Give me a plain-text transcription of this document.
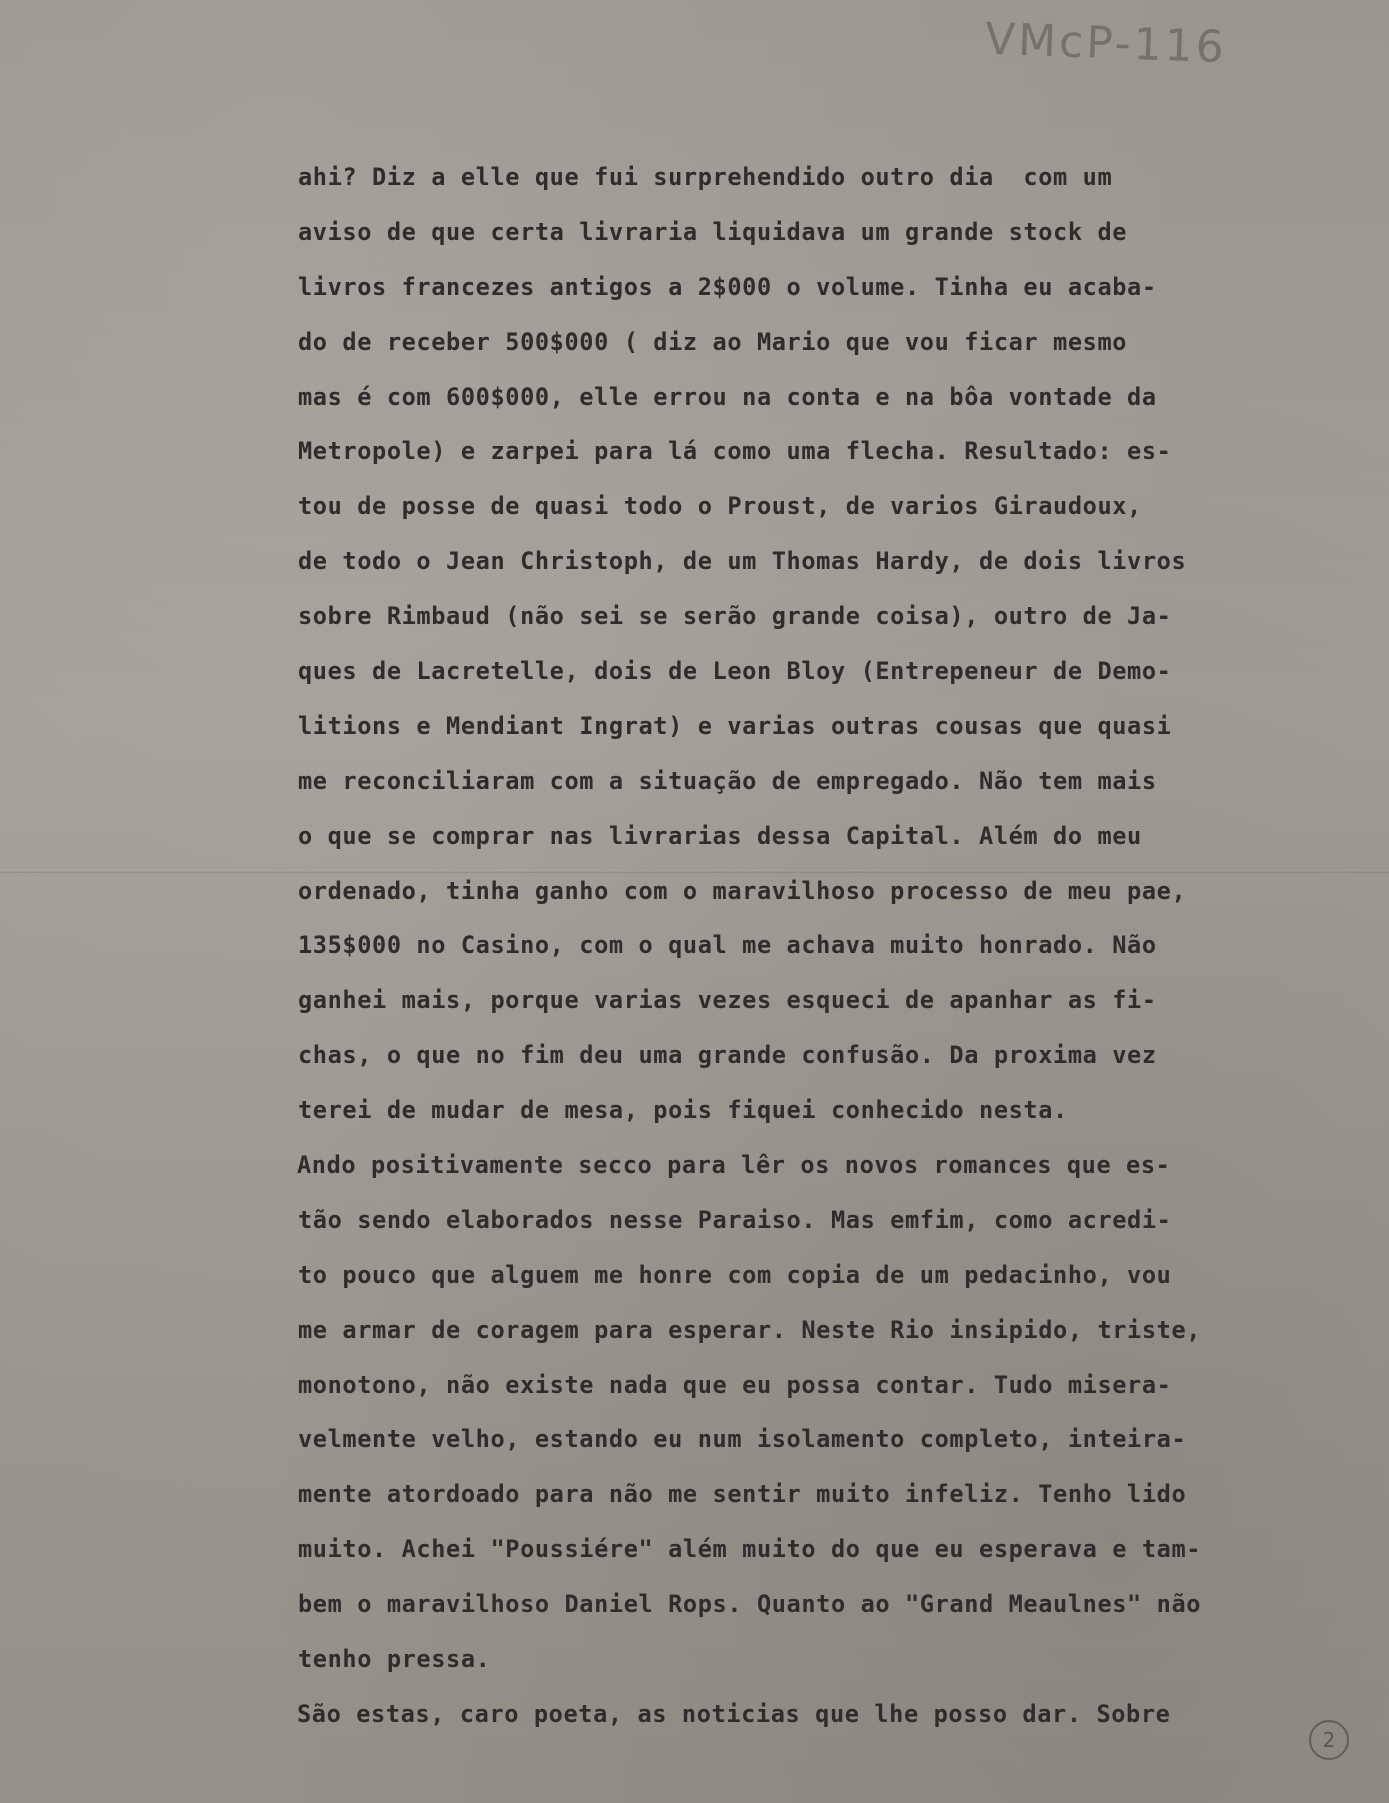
VMcP-116
ahi? Diz a elle que fui surprehendido outro dia  com um
aviso de que certa livraria liquidava um grande stock de
livros francezes antigos a 2$000 o volume. Tinha eu acaba-
do de receber 500$000 ( diz ao Mario que vou ficar mesmo
mas é com 600$000, elle errou na conta e na bôa vontade da
Metropole) e zarpei para lá como uma flecha. Resultado: es-
tou de posse de quasi todo o Proust, de varios Giraudoux,
de todo o Jean Christoph, de um Thomas Hardy, de dois livros
sobre Rimbaud (não sei se serão grande coisa), outro de Ja-
ques de Lacretelle, dois de Leon Bloy (Entrepeneur de Demo-
litions e Mendiant Ingrat) e varias outras cousas que quasi
me reconciliaram com a situação de empregado. Não tem mais
o que se comprar nas livrarias dessa Capital. Além do meu
ordenado, tinha ganho com o maravilhoso processo de meu pae,
135$000 no Casino, com o qual me achava muito honrado. Não
ganhei mais, porque varias vezes esqueci de apanhar as fi-
chas, o que no fim deu uma grande confusão. Da proxima vez
terei de mudar de mesa, pois fiquei conhecido nesta.
Ando positivamente secco para lêr os novos romances que es-
tão sendo elaborados nesse Paraiso. Mas emfim, como acredi-
to pouco que alguem me honre com copia de um pedacinho, vou
me armar de coragem para esperar. Neste Rio insipido, triste,
monotono, não existe nada que eu possa contar. Tudo misera-
velmente velho, estando eu num isolamento completo, inteira-
mente atordoado para não me sentir muito infeliz. Tenho lido
muito. Achei "Poussiére" além muito do que eu esperava e tam-
bem o maravilhoso Daniel Rops. Quanto ao "Grand Meaulnes" não
tenho pressa.
São estas, caro poeta, as noticias que lhe posso dar. Sobre
2
